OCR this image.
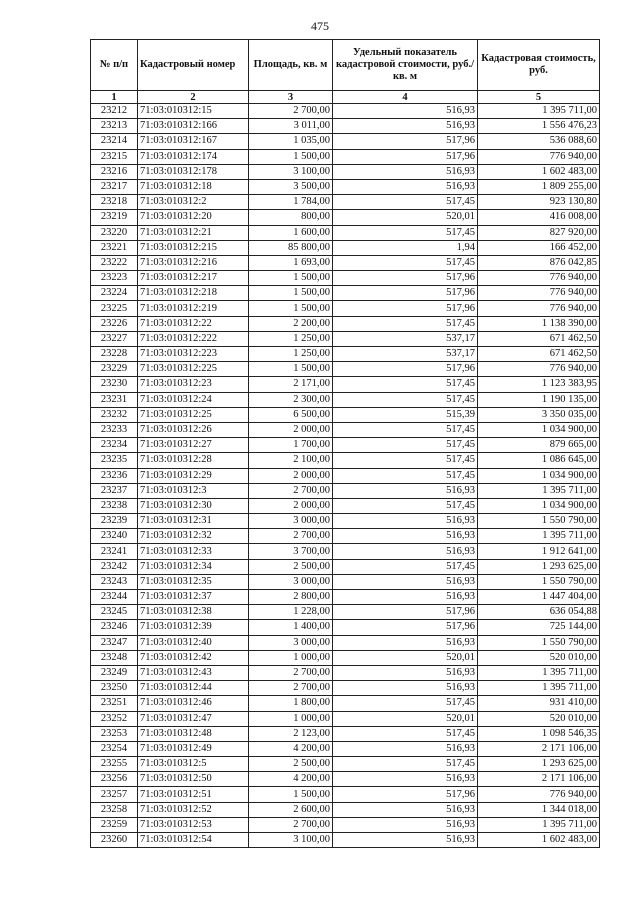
475
№ п/п	Кадастровый номер	Площадь, кв. м	Удельный показатель кадастровой стоимости, руб./кв. м	Кадастровая стоимость, руб.
1	2	3	4	5
23212	71:03:010312:15	2 700,00	516,93	1 395 711,00
23213	71:03:010312:166	3 011,00	516,93	1 556 476,23
23214	71:03:010312:167	1 035,00	517,96	536 088,60
23215	71:03:010312:174	1 500,00	517,96	776 940,00
23216	71:03:010312:178	3 100,00	516,93	1 602 483,00
23217	71:03:010312:18	3 500,00	516,93	1 809 255,00
23218	71:03:010312:2	1 784,00	517,45	923 130,80
23219	71:03:010312:20	800,00	520,01	416 008,00
23220	71:03:010312:21	1 600,00	517,45	827 920,00
23221	71:03:010312:215	85 800,00	1,94	166 452,00
23222	71:03:010312:216	1 693,00	517,45	876 042,85
23223	71:03:010312:217	1 500,00	517,96	776 940,00
23224	71:03:010312:218	1 500,00	517,96	776 940,00
23225	71:03:010312:219	1 500,00	517,96	776 940,00
23226	71:03:010312:22	2 200,00	517,45	1 138 390,00
23227	71:03:010312:222	1 250,00	537,17	671 462,50
23228	71:03:010312:223	1 250,00	537,17	671 462,50
23229	71:03:010312:225	1 500,00	517,96	776 940,00
23230	71:03:010312:23	2 171,00	517,45	1 123 383,95
23231	71:03:010312:24	2 300,00	517,45	1 190 135,00
23232	71:03:010312:25	6 500,00	515,39	3 350 035,00
23233	71:03:010312:26	2 000,00	517,45	1 034 900,00
23234	71:03:010312:27	1 700,00	517,45	879 665,00
23235	71:03:010312:28	2 100,00	517,45	1 086 645,00
23236	71:03:010312:29	2 000,00	517,45	1 034 900,00
23237	71:03:010312:3	2 700,00	516,93	1 395 711,00
23238	71:03:010312:30	2 000,00	517,45	1 034 900,00
23239	71:03:010312:31	3 000,00	516,93	1 550 790,00
23240	71:03:010312:32	2 700,00	516,93	1 395 711,00
23241	71:03:010312:33	3 700,00	516,93	1 912 641,00
23242	71:03:010312:34	2 500,00	517,45	1 293 625,00
23243	71:03:010312:35	3 000,00	516,93	1 550 790,00
23244	71:03:010312:37	2 800,00	516,93	1 447 404,00
23245	71:03:010312:38	1 228,00	517,96	636 054,88
23246	71:03:010312:39	1 400,00	517,96	725 144,00
23247	71:03:010312:40	3 000,00	516,93	1 550 790,00
23248	71:03:010312:42	1 000,00	520,01	520 010,00
23249	71:03:010312:43	2 700,00	516,93	1 395 711,00
23250	71:03:010312:44	2 700,00	516,93	1 395 711,00
23251	71:03:010312:46	1 800,00	517,45	931 410,00
23252	71:03:010312:47	1 000,00	520,01	520 010,00
23253	71:03:010312:48	2 123,00	517,45	1 098 546,35
23254	71:03:010312:49	4 200,00	516,93	2 171 106,00
23255	71:03:010312:5	2 500,00	517,45	1 293 625,00
23256	71:03:010312:50	4 200,00	516,93	2 171 106,00
23257	71:03:010312:51	1 500,00	517,96	776 940,00
23258	71:03:010312:52	2 600,00	516,93	1 344 018,00
23259	71:03:010312:53	2 700,00	516,93	1 395 711,00
23260	71:03:010312:54	3 100,00	516,93	1 602 483,00
